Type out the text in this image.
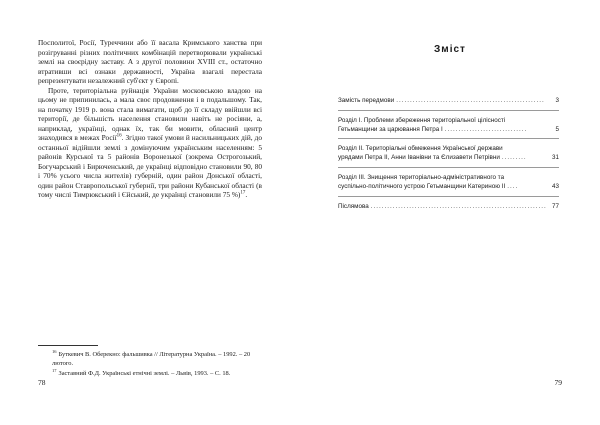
Посполитої, Росії, Туреччини або її васала Кримського ханства при розігруванні різних політичних комбінацій перетворювали українські землі на своєрідну заставу. А з другої половини XVIII ст., остаточно втративши всі ознаки державності, Україна взагалі перестала репрезентувати незалежний суб'єкт у Європі.

Проте, територіальна руйнація України московською владою на цьому не припинилась, а мала своє продовження і в подальшому. Так, на початку 1919 р. вона стала вимагати, щоб до її складу ввійшли всі території, де більшість населення становили навіть не росіяни, а, наприклад, українці, однак їх, так би мовити, обласний центр знаходився в межах Росії$^{16}$. Згідно такої умови й насильницьких дій, до останньої відійшли землі з домінуючим українським населенням: 5 районів Курської та 5 районів Воронезької (зокрема Острогозький, Богучарський і Бирюченський, де українці відповідно становили 90, 80 і 70% усього числа жителів) губерній, один район Донської області, один район Ставропольської губернії, три райони Кубанської області (в тому числі Тимрюкський і Єйський, де українці становили 75 %)$^{17}$.

$^{16}$ Буткевич В. Оберекно: фальшивка // Літературна Україна. – 1992. – 20 лютого.

$^{17}$ Заставний Ф.Д. Українські етнічні землі. – Львів, 1993. – С. 18.

78
Зміст
Замість передмови ......................................................	3
Розділ І. Проблеми збереження територіальної цілісності
Гетьманщини за царювання Петра І ..............................	5
Розділ ІІ. Територіальні обмеження Української держави
урядами Петра ІІ, Анни Іванівни та Єлизавети Петрівни .........	31
Розділ ІІІ. Знищення територіально-адміністративного та
суспільно-політичного устрою Гетьманщини Катериною ІІ ....	43
Післямова ................................................................ 77
79
